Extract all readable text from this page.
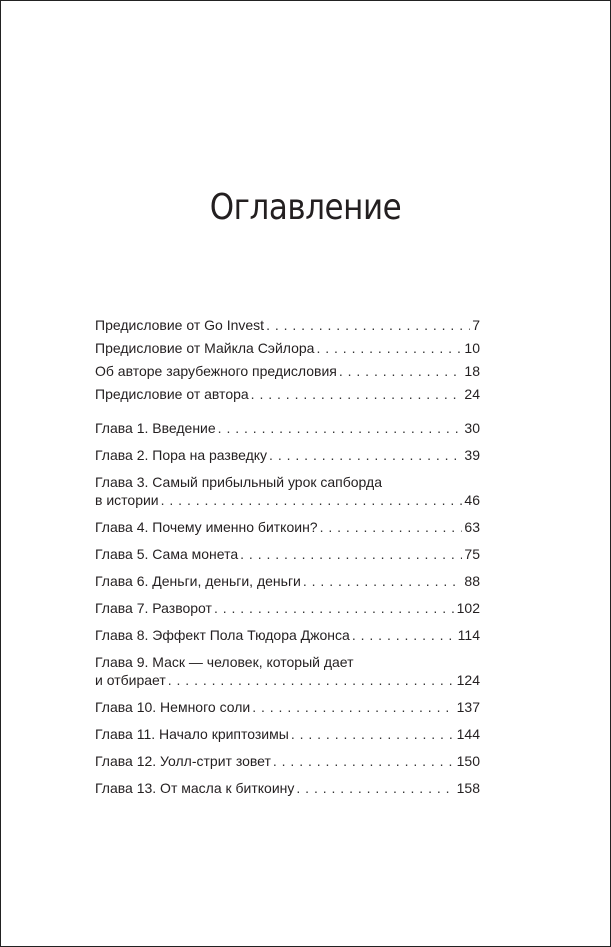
Оглавление
Предисловие от Go Invest . . .	7
Предисловие от Майкла Сэйлора . . .	10
Об авторе зарубежного предисловия . . .	18
Предисловие от автора . . .	24
Глава 1. Введение . . .	30
Глава 2. Пора на разведку . . .	39
Глава 3. Самый прибыльный урок сапборда
в истории . . .	46
Глава 4. Почему именно биткоин? . . .	63
Глава 5. Сама монета . . .	75
Глава 6. Деньги, деньги, деньги . . .	88
Глава 7. Разворот . . .	102
Глава 8. Эффект Пола Тюдора Джонса . . .	114
Глава 9. Маск — человек, который дает
и отбирает . . .	124
Глава 10. Немного соли . . .	137
Глава 11. Начало криптозимы . . .	144
Глава 12. Уолл-стрит зовет . . .	150
Глава 13. От масла к биткоину . . .	158
